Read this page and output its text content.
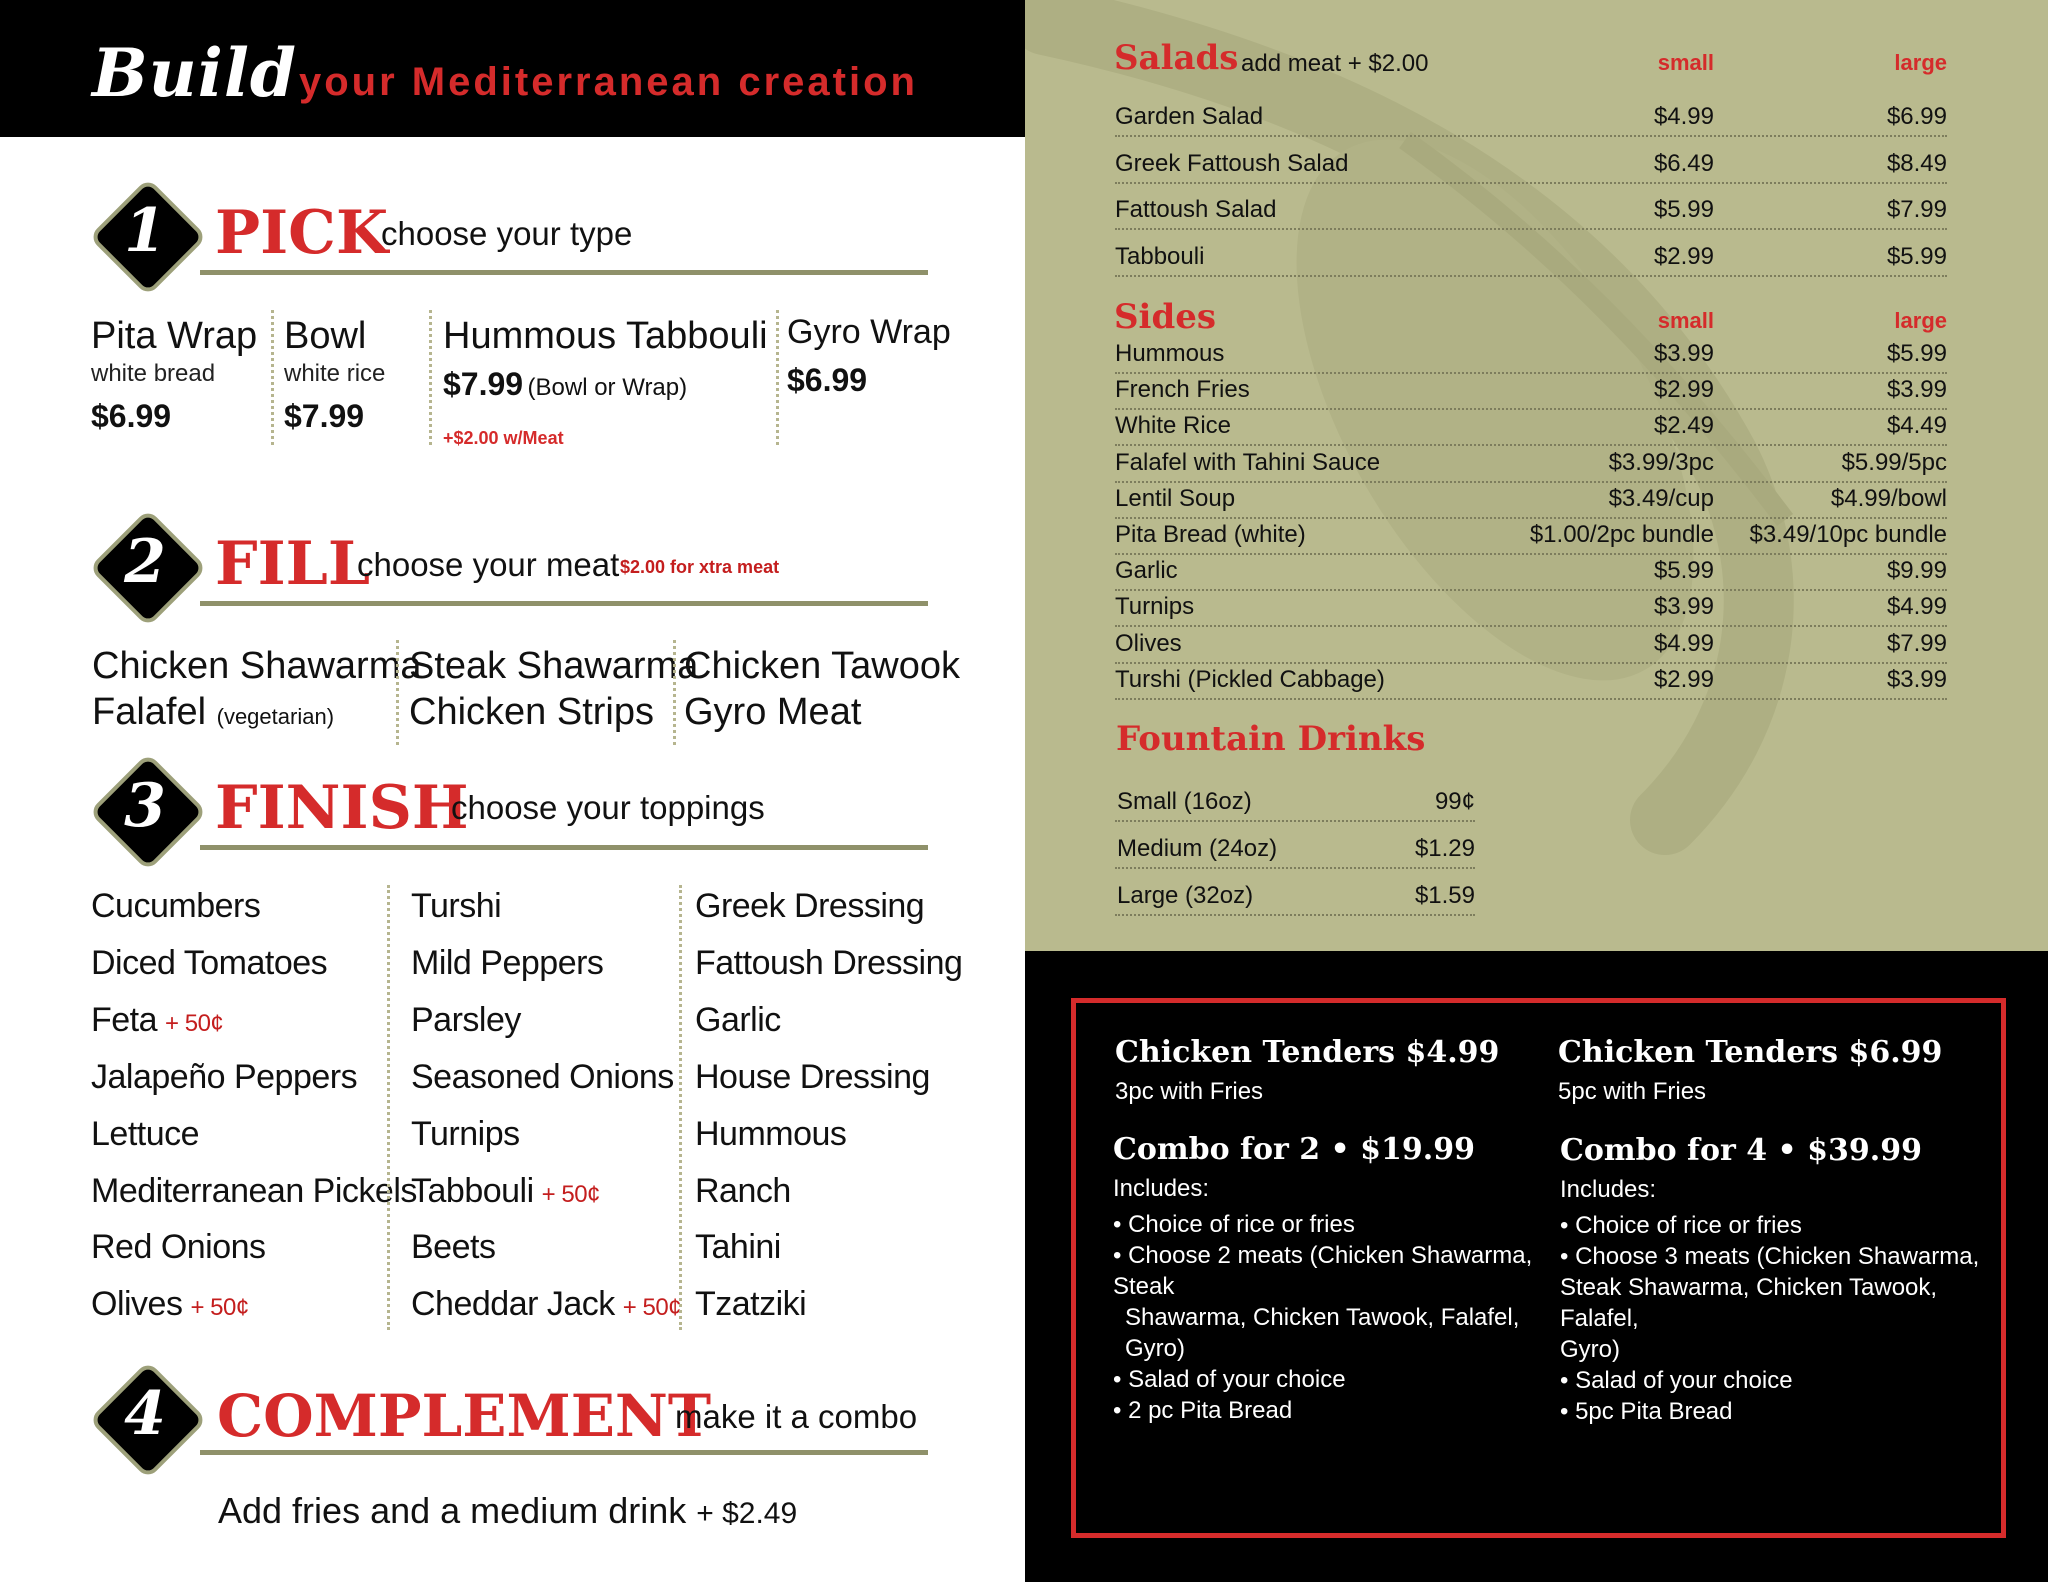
Build your Mediterranean creation
1 PICK
choose your type
Pita Wrap
white bread
$6.99
Bowl
white rice
$7.99
Hummous Tabbouli
$7.99 (Bowl or Wrap)
+$2.00 w/Meat
Gyro Wrap
$6.99
2 FILL
choose your meat $2.00 for xtra meat
Chicken Shawarma
Falafel (vegetarian)
Steak Shawarma
Chicken Strips
Chicken Tawook
Gyro Meat
3 FINISH
choose your toppings
Cucumbers
Diced Tomatoes
Feta + 50¢
Jalapeño Peppers
Lettuce
Mediterranean Pickels
Red Onions
Olives + 50¢
Turshi
Mild Peppers
Parsley
Seasoned Onions
Turnips
Tabbouli + 50¢
Beets
Cheddar Jack + 50¢
Greek Dressing
Fattoush Dressing
Garlic
House Dressing
Hummous
Ranch
Tahini
Tzatziki
4 COMPLEMENT
make it a combo
Add fries and a medium drink + $2.49
Salads add meat + $2.00	small	large
Garden Salad	$4.99	$6.99
Greek Fattoush Salad	$6.49	$8.49
Fattoush Salad	$5.99	$7.99
Tabbouli	$2.99	$5.99
Sides	small	large
Hummous	$3.99	$5.99
French Fries	$2.99	$3.99
White Rice	$2.49	$4.49
Falafel with Tahini Sauce	$3.99/3pc	$5.99/5pc
Lentil Soup	$3.49/cup	$4.99/bowl
Pita Bread (white)	$1.00/2pc bundle $3.49/10pc bundle
Garlic	$5.99	$9.99
Turnips	$3.99	$4.99
Olives	$4.99	$7.99
Turshi (Pickled Cabbage)	$2.99	$3.99
Fountain Drinks
Small (16oz)	99¢
Medium (24oz)	$1.29
Large (32oz)	$1.59
Chicken Tenders $4.99
3pc with Fries
Chicken Tenders $6.99
5pc with Fries
Combo for 2 • $19.99
Includes:
• Choice of rice or fries
• Choose 2 meats (Chicken Shawarma, Steak
Shawarma, Chicken Tawook, Falafel, Gyro)
• Salad of your choice
• 2 pc Pita Bread
Combo for 4 • $39.99
Includes:
• Choice of rice or fries
• Choose 3 meats (Chicken Shawarma,
Steak Shawarma, Chicken Tawook, Falafel,
Gyro)
• Salad of your choice
• 5pc Pita Bread
